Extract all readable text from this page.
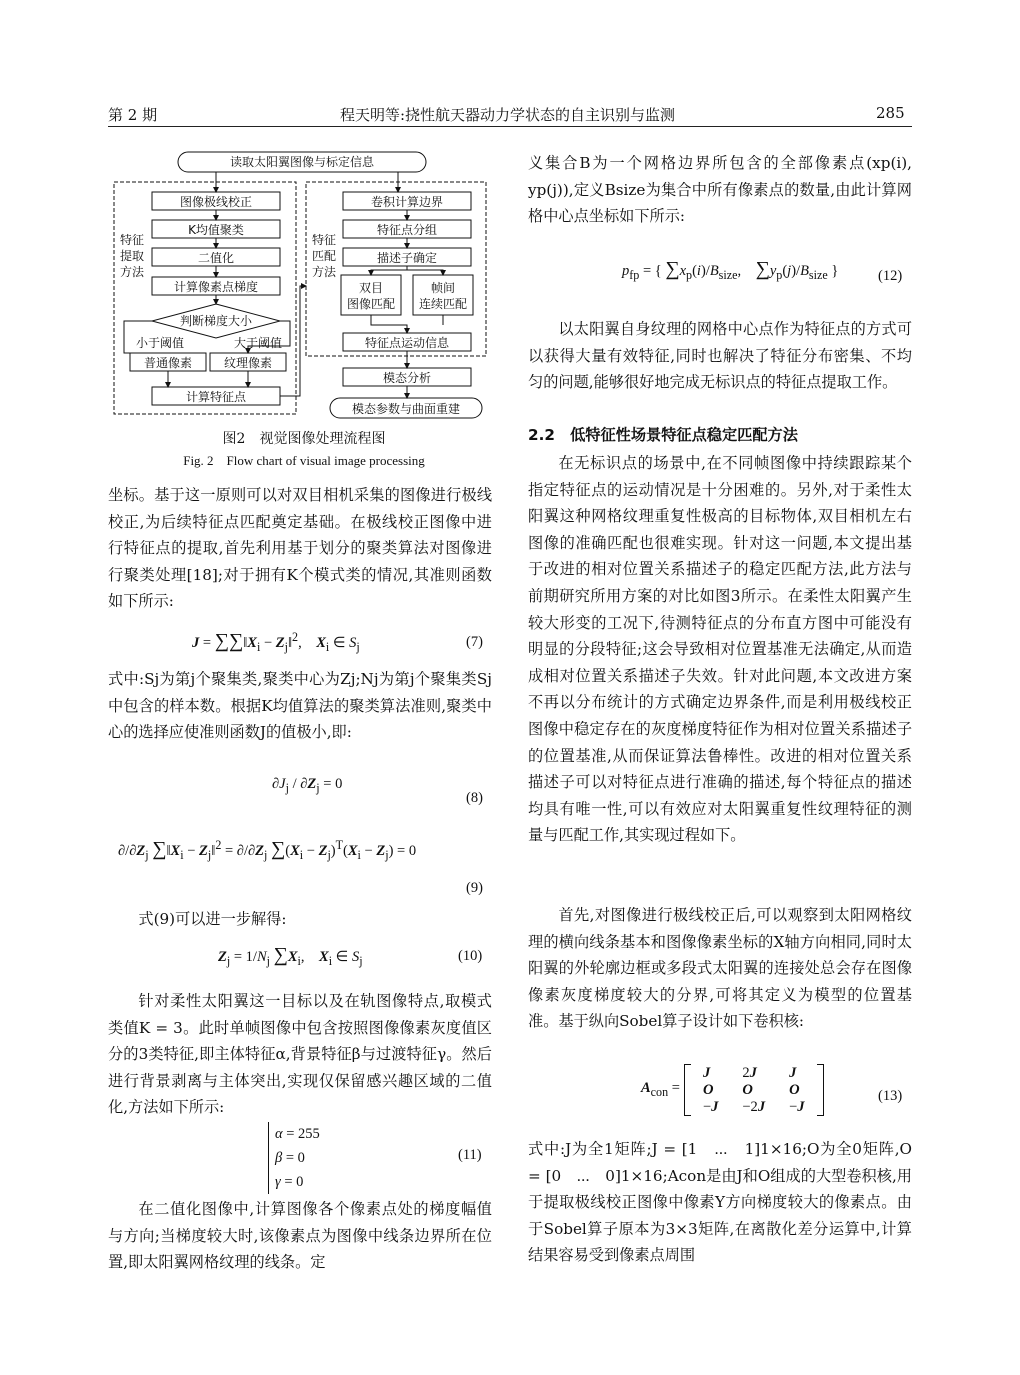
第 2 期	程天明等:挠性航天器动力学状态的自主识别与监测	285
读取太阳翼图像与标定信息
特征
提取
方法
特征
匹配
方法
图像极线校正
K均值聚类
二值化
计算像素点梯度
判断梯度大小
小于阈值	大于阈值
普通像素	纹理像素
计算特征点
卷积计算边界
特征点分组
描述子确定
双目
图像匹配
帧间
连续匹配
特征点运动信息
模态分析
模态参数与曲面重建
图2　视觉图像处理流程图
Fig. 2　Flow chart of visual image processing

坐标。基于这一原则可以对双目相机采集的图像进行极线校正,为后续特征点匹配奠定基础。在极线校正图像中进行特征点的提取,首先利用基于划分的聚类算法对图像进行聚类处理[18];对于拥有K个模式类的情况,其准则函数如下所示:

$J = \sum\sum‖X_i$ − $Z_j‖^2$,　$X_i$ ∈ $S_j$	(7)

式中:Sj为第j个聚集类,聚类中心为Zj;Nj为第j个聚集类Sj中包含的样本数。根据K均值算法的聚类算法准则,聚类中心的选择应使准则函数J的值极小,即:

$\partial J_j / \partial Z_j = 0$
(8)
$\partial/\partial Z_j$ $\sum‖X_i$ − $Z_j‖^2 = \partial/\partial Z_j$ $\sum(X_i - Z_j)^T(X_i - Z_j) = 0$
(9)

式(9)可以进一步解得:

$Z_j = 1/N_j$ $\sum X_i$,　$X_i$ ∈ $S_j$	(10)

针对柔性太阳翼这一目标以及在轨图像特点,取模式类值K = 3。此时单帧图像中包含按照图像像素灰度值区分的3类特征,即主体特征α,背景特征β与过渡特征γ。然后进行背景剥离与主体突出,实现仅保留感兴趣区域的二值化,方法如下所示:

α = 255
β = 0
γ = 0
(11)

在二值化图像中,计算图像各个像素点处的梯度幅值与方向;当梯度较大时,该像素点为图像中线条边界所在位置,即太阳翼网格纹理的线条。定

义集合B为一个网格边界所包含的全部像素点(xp(i), yp(j)),定义Bsize为集合中所有像素点的数量,由此计算网格中心点坐标如下所示:

$p_{fp}$ = { $\sum x_p(i)/B_{size}$,　$\sum y_p(j)/B_{size}$ }	(12)

以太阳翼自身纹理的网格中心点作为特征点的方式可以获得大量有效特征,同时也解决了特征分布密集、不均匀的问题,能够很好地完成无标识点的特征点提取工作。

2.2　低特征性场景特征点稳定匹配方法

在无标识点的场景中,在不同帧图像中持续跟踪某个指定特征点的运动情况是十分困难的。另外,对于柔性太阳翼这种网格纹理重复性极高的目标物体,双目相机左右图像的准确匹配也很难实现。针对这一问题,本文提出基于改进的相对位置关系描述子的稳定匹配方法,此方法与前期研究所用方案的对比如图3所示。在柔性太阳翼产生较大形变的工况下,待测特征点的分布直方图中可能没有明显的分段特征;这会导致相对位置基准无法确定,从而造成相对位置关系描述子失效。针对此问题,本文改进方案不再以分布统计的方式确定边界条件,而是利用极线校正图像中稳定存在的灰度梯度特征作为相对位置关系描述子的位置基准,从而保证算法鲁棒性。改进的相对位置关系描述子可以对特征点进行准确的描述,每个特征点的描述均具有唯一性,可以有效应对太阳翼重复性纹理特征的测量与匹配工作,其实现过程如下。

首先,对图像进行极线校正后,可以观察到太阳网格纹理的横向线条基本和图像像素坐标的X轴方向相同,同时太阳翼的外轮廓边框或多段式太阳翼的连接处总会存在图像像素灰度梯度较大的分界,可将其定义为模型的位置基准。基于纵向Sobel算子设计如下卷积核:

$A_{con}$ =		J	2J	J	
		O	O	O	
		−J	−2J	−J	
(13)

式中:J为全1矩阵;J = [1　⋯　1]1×16;O为全0矩阵,O = [0　⋯　0]1×16;Acon是由J和O组成的大型卷积核,用于提取极线校正图像中像素Y方向梯度较大的像素点。由于Sobel算子原本为3×3矩阵,在离散化差分运算中,计算结果容易受到像素点周围
